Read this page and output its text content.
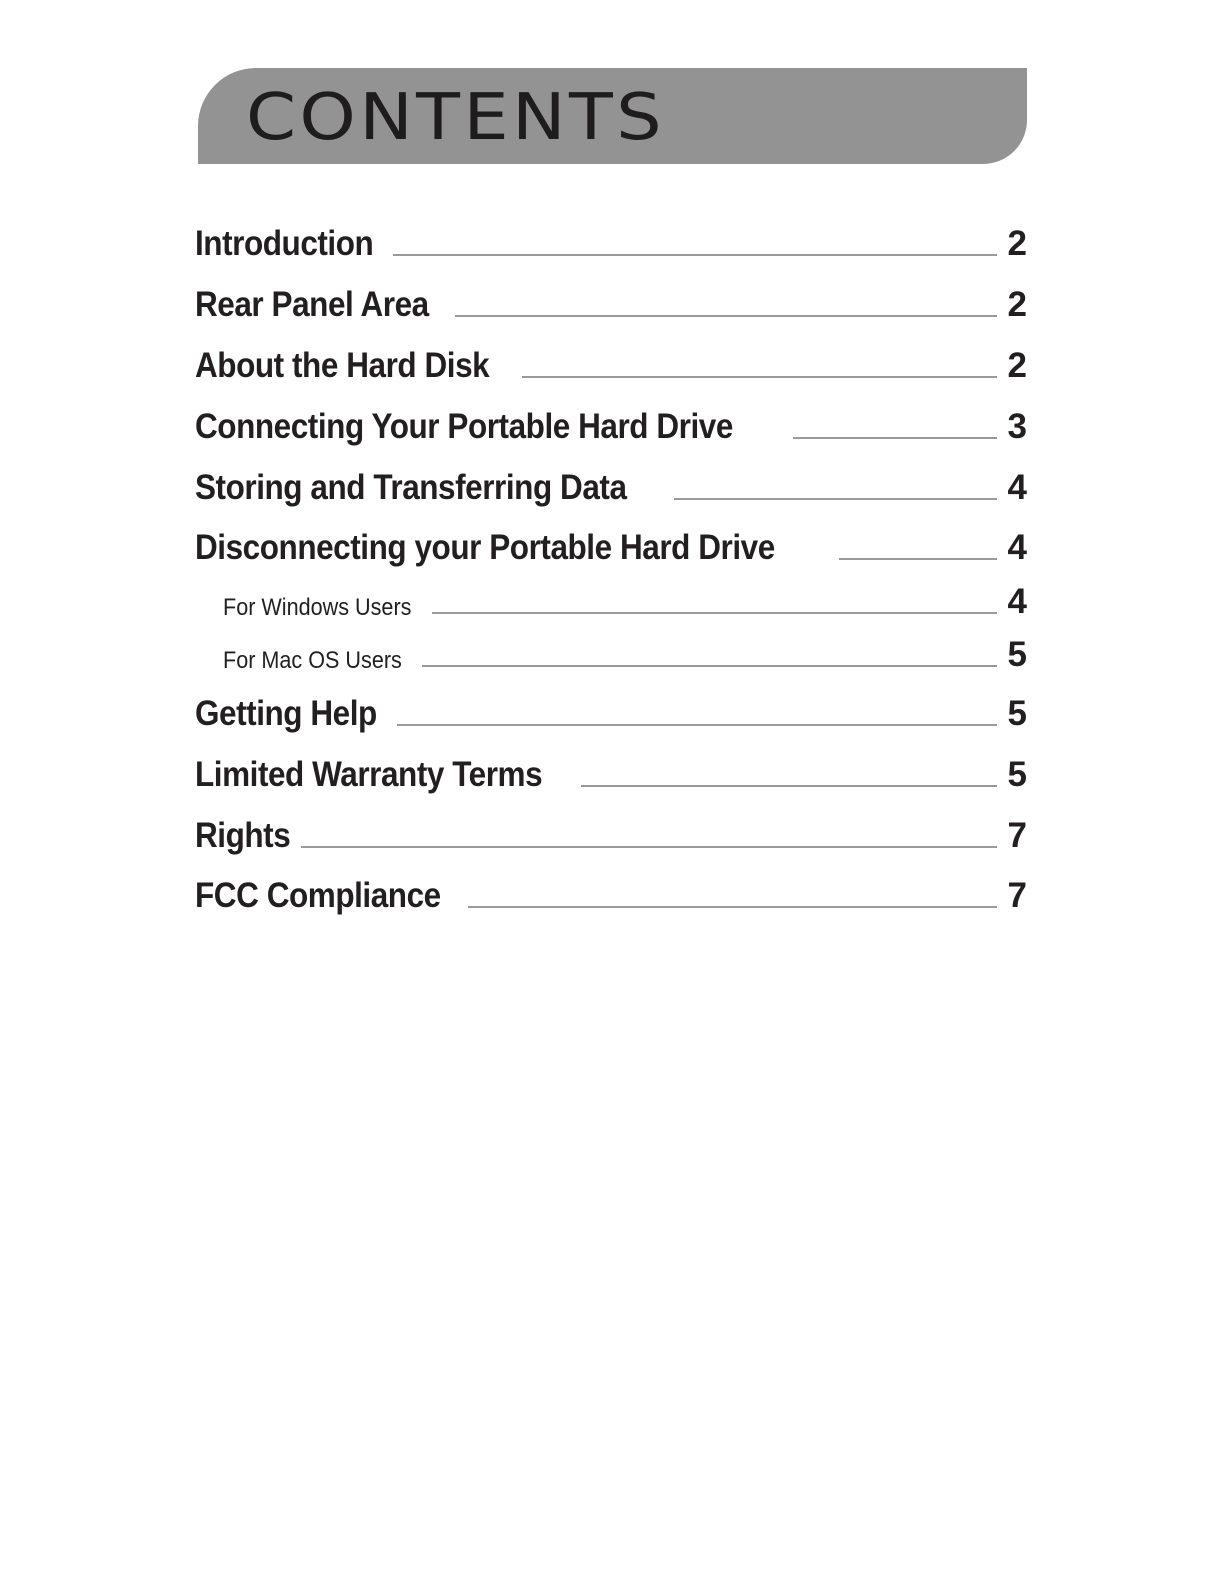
CONTENTS
Introduction	2
Rear Panel Area	2
About the Hard Disk	2
Connecting Your Portable Hard Drive	3
Storing and Transferring Data	4
Disconnecting your Portable Hard Drive	4
For Windows Users	4
For Mac OS Users	5
Getting Help	5
Limited Warranty Terms	5
Rights	7
FCC Compliance	7
